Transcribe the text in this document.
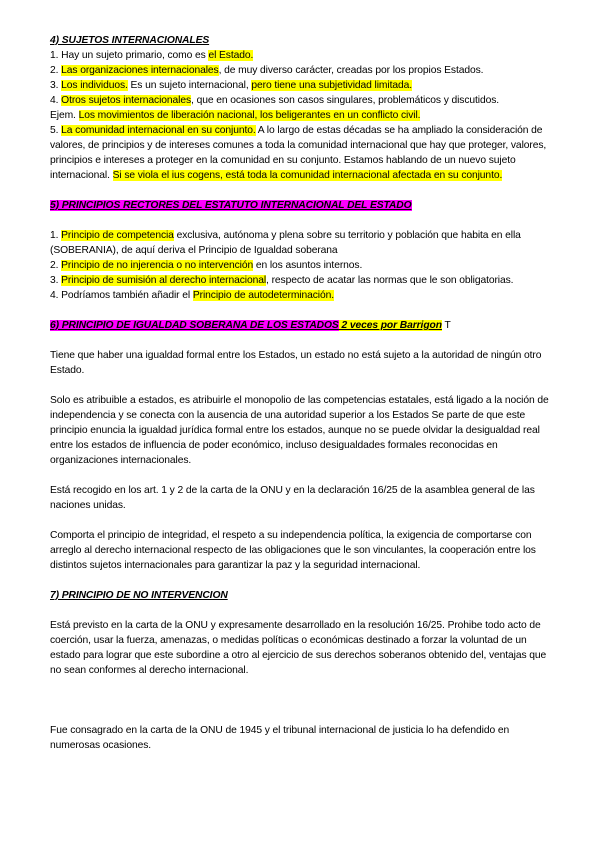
4) SUJETOS INTERNACIONALES

1. Hay un sujeto primario, como es el Estado.

2. Las organizaciones internacionales, de muy diverso carácter, creadas por los propios Estados.

3. Los individuos. Es un sujeto internacional, pero tiene una subjetividad limitada.

4. Otros sujetos internacionales, que en ocasiones son casos singulares, problemáticos y discutidos.

Ejem. Los movimientos de liberación nacional, los beligerantes en un conflicto civil.

5. La comunidad internacional en su conjunto. A lo largo de estas décadas se ha ampliado la consideración de valores, de principios y de intereses comunes a toda la comunidad internacional que hay que proteger, valores, principios e intereses a proteger en la comunidad en su conjunto. Estamos hablando de un nuevo sujeto internacional. Si se viola el ius cogens, está toda la comunidad internacional afectada en su conjunto.

5) PRINCIPIOS RECTORES DEL ESTATUTO INTERNACIONAL DEL ESTADO

1. Principio de competencia exclusiva, autónoma y plena sobre su territorio y población que habita en ella (SOBERANIA), de aquí deriva el Principio de Igualdad soberana

2. Principio de no injerencia o no intervención en los asuntos internos.

3. Principio de sumisión al derecho internacional, respecto de acatar las normas que le son obligatorias.

4. Podríamos también añadir el Principio de autodeterminación.

6) PRINCIPIO DE IGUALDAD SOBERANA DE LOS ESTADOS 2 veces por Barrigon T

Tiene que haber una igualdad formal entre los Estados, un estado no está sujeto a la autoridad de ningún otro Estado.

Solo es atribuible a estados, es atribuirle el monopolio de las competencias estatales, está ligado a la noción de independencia y se conecta con la ausencia de una autoridad superior a los Estados Se parte de que este principio enuncia la igualdad jurídica formal entre los estados, aunque no se puede olvidar la desigualdad real entre los estados de influencia de poder económico, incluso desigualdades formales reconocidas en organizaciones internacionales.

Está recogido en los art. 1 y 2 de la carta de la ONU y en la declaración 16/25 de la asamblea general de las naciones unidas.

Comporta el principio de integridad, el respeto a su independencia política, la exigencia de comportarse con arreglo al derecho internacional respecto de las obligaciones que le son vinculantes, la cooperación entre los distintos sujetos internacionales para garantizar la paz y la seguridad internacional.

7) PRINCIPIO DE NO INTERVENCION

Está previsto en la carta de la ONU y expresamente desarrollado en la resolución 16/25. Prohibe todo acto de coerción, usar la fuerza, amenazas, o medidas políticas o económicas destinado a forzar la voluntad de un estado para lograr que este subordine a otro al ejercicio de sus derechos soberanos obtenido del, ventajas que no sean conformes al derecho internacional.

Fue consagrado en la carta de la ONU de 1945 y el tribunal internacional de justicia lo ha defendido en numerosas ocasiones.
